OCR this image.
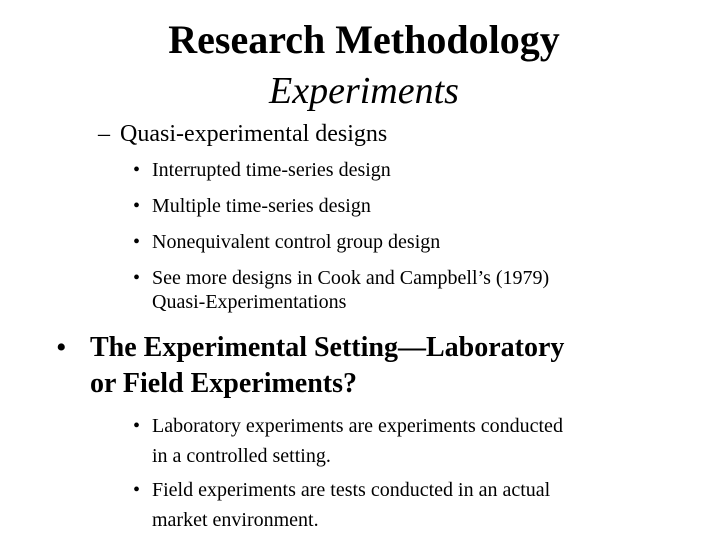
Research Methodology
Experiments
– Quasi-experimental designs
• Interrupted time-series design
• Multiple time-series design
• Nonequivalent control group design
• See more designs in Cook and Campbell’s (1979)
Quasi-Experimentations
• The Experimental Setting—Laboratory
or Field Experiments?
• Laboratory experiments are experiments conducted
in a controlled setting.
• Field experiments are tests conducted in an actual
market environment.
